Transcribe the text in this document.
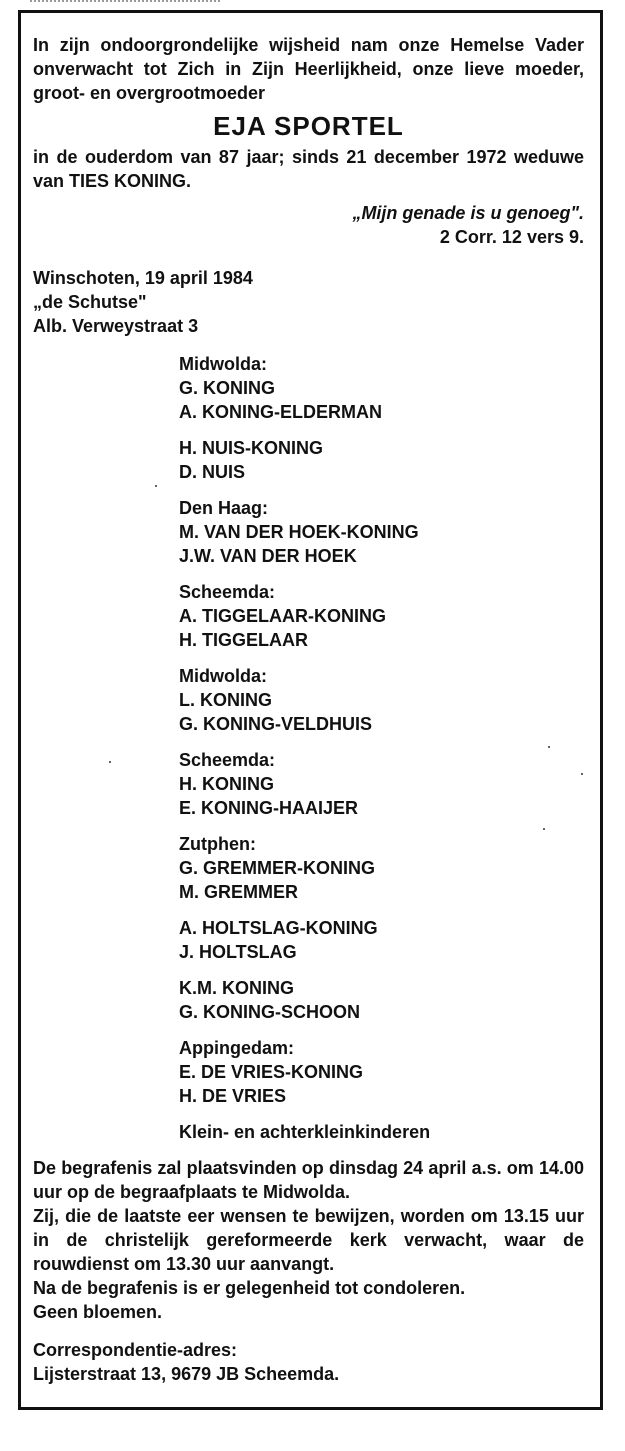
In zijn ondoorgrondelijke wijsheid nam onze Hemelse Vader onverwacht tot Zich in Zijn Heerlijkheid, onze lieve moeder, groot- en overgrootmoeder
EJA SPORTEL
in de ouderdom van 87 jaar; sinds 21 december 1972 weduwe van TIES KONING.
„Mijn genade is u genoeg".
2 Corr. 12 vers 9.
Winschoten, 19 april 1984
„de Schutse"
Alb. Verweystraat 3
Midwolda:
G. KONING
A. KONING-ELDERMAN
H. NUIS-KONING
D. NUIS
Den Haag:
M. VAN DER HOEK-KONING
J.W. VAN DER HOEK
Scheemda:
A. TIGGELAAR-KONING
H. TIGGELAAR
Midwolda:
L. KONING
G. KONING-VELDHUIS
Scheemda:
H. KONING
E. KONING-HAAIJER
Zutphen:
G. GREMMER-KONING
M. GREMMER
A. HOLTSLAG-KONING
J. HOLTSLAG
K.M. KONING
G. KONING-SCHOON
Appingedam:
E. DE VRIES-KONING
H. DE VRIES
Klein- en achterkleinkinderen
De begrafenis zal plaatsvinden op dinsdag 24 april a.s. om 14.00 uur op de begraafplaats te Midwolda.
Zij, die de laatste eer wensen te bewijzen, worden om 13.15 uur in de christelijk gereformeerde kerk verwacht, waar de rouwdienst om 13.30 uur aanvangt.
Na de begrafenis is er gelegenheid tot condoleren.
Geen bloemen.
Correspondentie-adres:
Lijsterstraat 13, 9679 JB Scheemda.
